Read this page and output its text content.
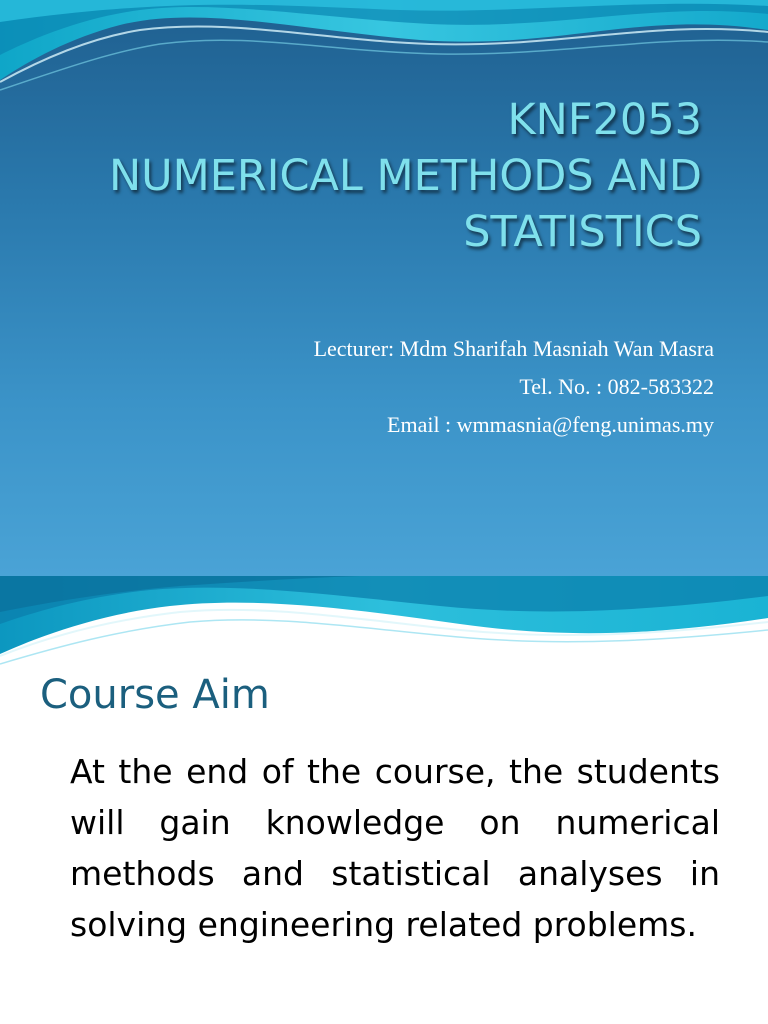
KNF2053
NUMERICAL METHODS AND
STATISTICS
Lecturer: Mdm Sharifah Masniah Wan Masra
Tel. No. : 082-583322
Email : wmmasnia@feng.unimas.my
Course Aim
At the end of the course, the students will gain knowledge on numerical methods and statistical analyses in solving engineering related problems.
